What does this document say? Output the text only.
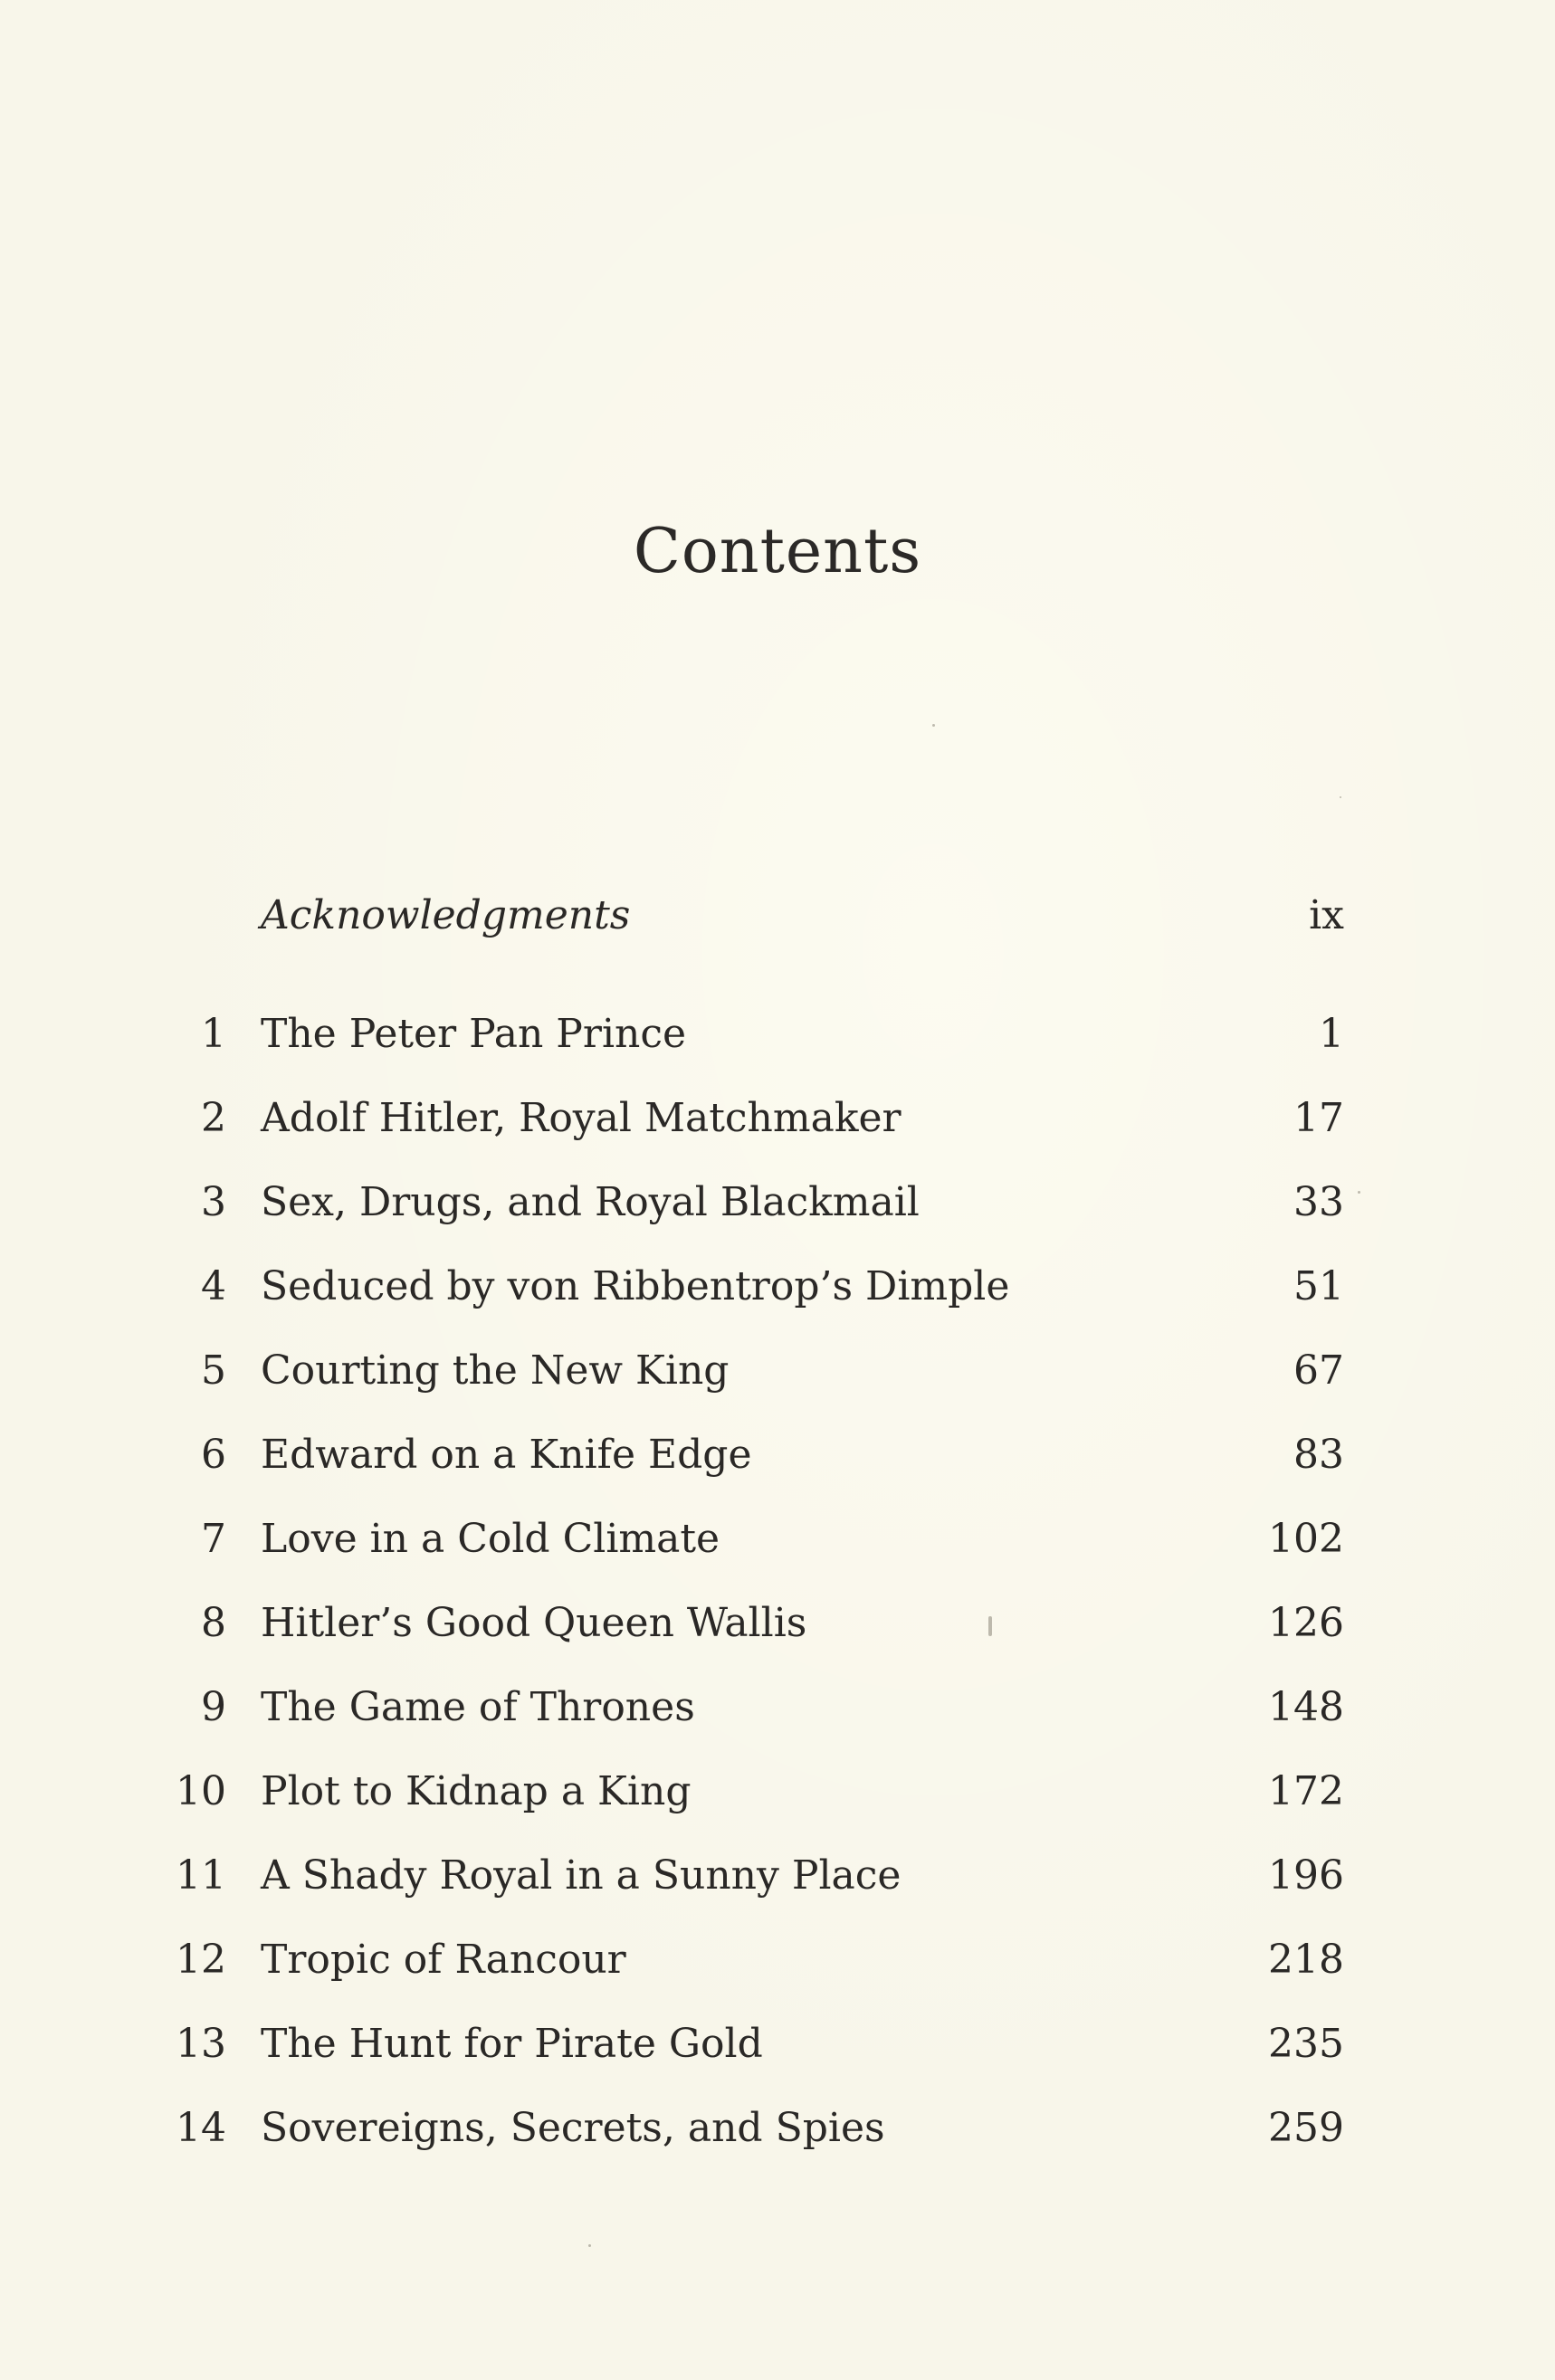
Contents
Acknowledgments	ix
1 The Peter Pan Prince	1
2 Adolf Hitler, Royal Matchmaker	17
3 Sex, Drugs, and Royal Blackmail	33
4 Seduced by von Ribbentrop’s Dimple	51
5 Courting the New King	67
6 Edward on a Knife Edge	83
7 Love in a Cold Climate	102
8 Hitler’s Good Queen Wallis	126
9 The Game of Thrones	148
10 Plot to Kidnap a King	172
11 A Shady Royal in a Sunny Place	196
12 Tropic of Rancour	218
13 The Hunt for Pirate Gold	235
14 Sovereigns, Secrets, and Spies	259
